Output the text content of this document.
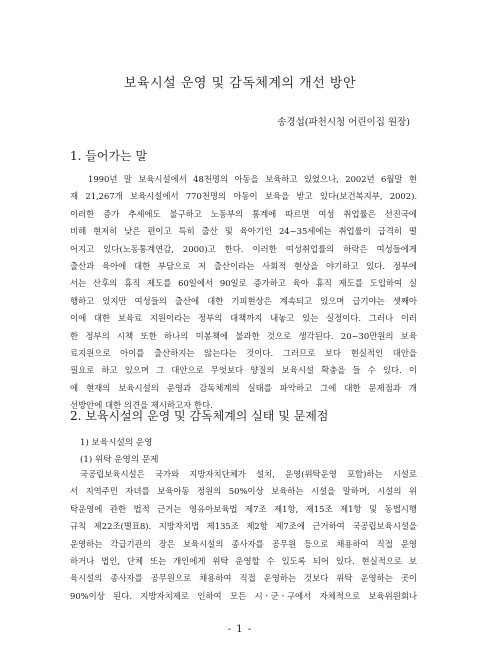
보육시설 운영 및 감독체계의 개선 방안
송경섭(파천시청 어린이집 원장)
1. 들어가는 말
1990년 말 보육시설에서 48천명의 아동을 보육하고 있었으나, 2002년 6월말 현
재 21,267개 보육시설에서 770천명의 아동이 보육을 받고 있다(보건복지부, 2002).
이러한 증가 추세에도 불구하고 노동부의 통계에 따르면 여성 취업률은 선진국에
비해 현저히 낮은 편이고 특히 출산 및 육아기인 24~35세에는 취업률이 급격히 떨
어지고 있다(노동통계연감, 2000)고 한다. 이러한 여성취업률의 하락은 여성들에게
출산과 육아에 대한 부담으로 저 출산이라는 사회적 현상을 야기하고 있다. 정부에
서는 산후의 휴직 제도를 60일에서 90일로 증가하고 육아 휴직 제도를 도입하여 실
행하고 있지만 여성들의 출산에 대한 기피현상은 계속되고 있으며 급기야는 셋째아
이에 대한 보육료 지원이라는 정부의 대책까지 내놓고 있는 실정이다. 그러나 이러
한 정부의 시책 또한 하나의 미봉책에 불과한 것으로 생각된다. 20~30만원의 보육
료지원으로 아이를 출산하지는 않는다는 것이다. 그러므로 보다 현실적인 대안을
필요로 하고 있으며 그 대안으로 무엇보다 양질의 보육시설 확충을 들 수 있다. 이
에 현재의 보육시설의 운영과 감독체계의 실태를 파악하고 그에 대한 문제점과 개
선방안에 대한 의견을 제시하고자 한다.
2. 보육시설의 운영 및 감독체계의 실태 및 문제점
1) 보육시설의 운영
(1) 위탁 운영의 문제
국공립보육시설은 국가와 지방자치단체가 설치, 운영(위탁운영 포함)하는 시설로
서 지역주민 자녀를 보육아동 정원의 50%이상 보육하는 시설을 말하며, 시설의 위
탁운영에 관한 법적 근거는 영유아보육법 제7조 제1항, 제15조 제1항 및 동법시행
규칙 제22조(별표8). 지방자치법 제135조 제2항 제7조에 근거하여 국공립보육시설을
운영하는 각급기관의 장은 보육시설의 종사자를 공무원 등으로 채용하여 직접 운영
하거나 법인, 단체 또는 개인에게 위탁 운영할 수 있도록 되어 있다. 현실적으로 보
육시설의 종사자를 공무원으로 채용하여 직접 운영하는 것보다 위탁 운영하는 곳이
90%이상 된다. 지방자치제로 인하여 모든 시ㆍ군ㆍ구에서 자체적으로 보육위원회나
- 1 -
